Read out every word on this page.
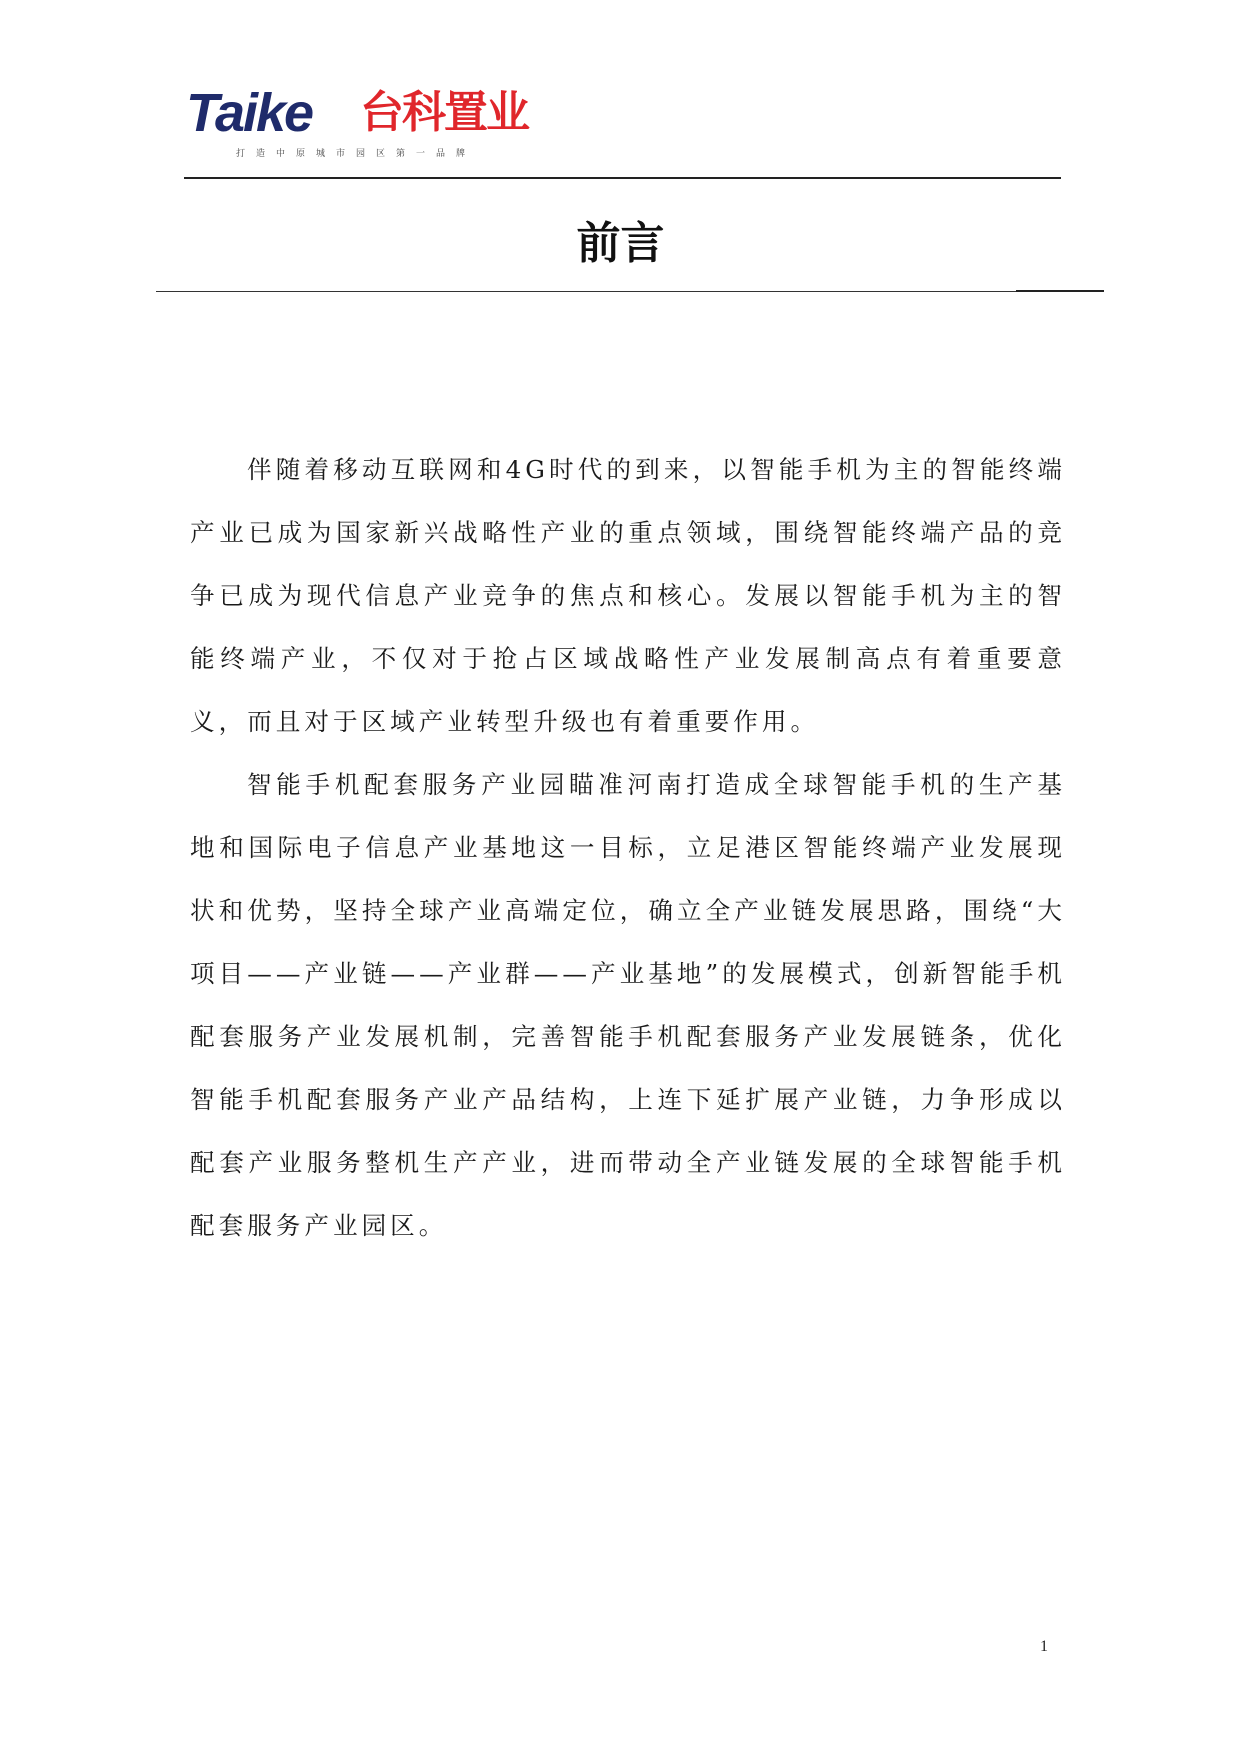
Taike 台科置业
打造中原城市园区第一品牌
前言

伴随着移动互联网和4G时代的到来，以智能手机为主的智能终端产业已成为国家新兴战略性产业的重点领域，围绕智能终端产品的竞争已成为现代信息产业竞争的焦点和核心。发展以智能手机为主的智能终端产业，不仅对于抢占区域战略性产业发展制高点有着重要意义，而且对于区域产业转型升级也有着重要作用。

智能手机配套服务产业园瞄准河南打造成全球智能手机的生产基地和国际电子信息产业基地这一目标，立足港区智能终端产业发展现状和优势，坚持全球产业高端定位，确立全产业链发展思路，围绕“大项目——产业链——产业群——产业基地”的发展模式，创新智能手机配套服务产业发展机制，完善智能手机配套服务产业发展链条，优化智能手机配套服务产业产品结构，上连下延扩展产业链，力争形成以配套产业服务整机生产产业，进而带动全产业链发展的全球智能手机配套服务产业园区。

1
